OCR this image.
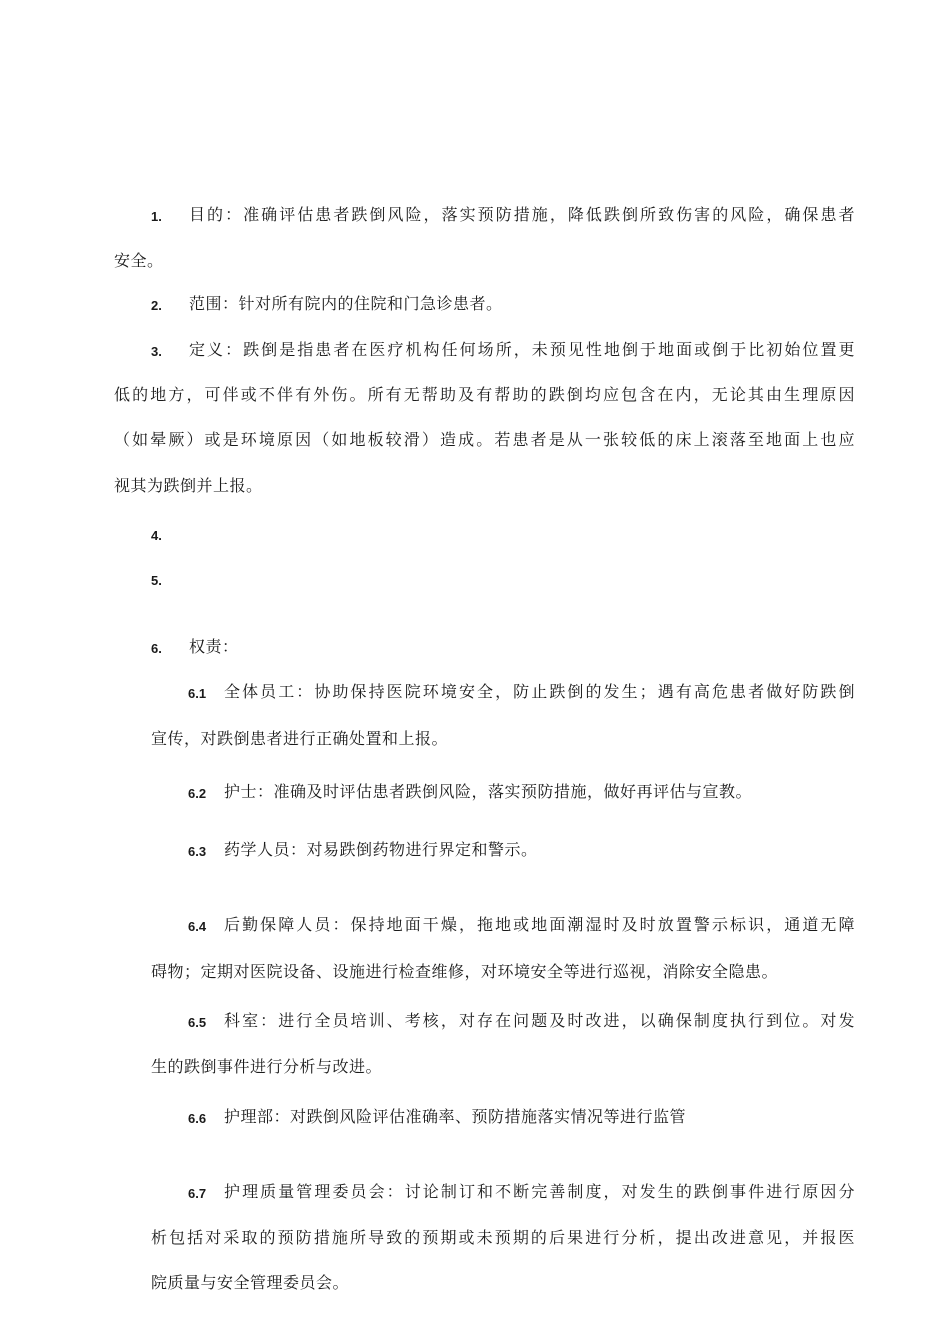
1. 目的：准确评估患者跌倒风险，落实预防措施，降低跌倒所致伤害的风险，确保患者
安全。
2. 范围：针对所有院内的住院和门急诊患者。
3. 定义：跌倒是指患者在医疗机构任何场所，未预见性地倒于地面或倒于比初始位置更
低的地方，可伴或不伴有外伤。所有无帮助及有帮助的跌倒均应包含在内，无论其由生理原因
（如晕厥）或是环境原因（如地板较滑）造成。若患者是从一张较低的床上滚落至地面上也应
视其为跌倒并上报。
4.
5.
6. 权责：
6.1 全体员工：协助保持医院环境安全，防止跌倒的发生；遇有高危患者做好防跌倒
宣传，对跌倒患者进行正确处置和上报。
6.2 护士：准确及时评估患者跌倒风险，落实预防措施，做好再评估与宣教。
6.3 药学人员：对易跌倒药物进行界定和警示。
6.4 后勤保障人员：保持地面干燥，拖地或地面潮湿时及时放置警示标识，通道无障
碍物；定期对医院设备、设施进行检查维修，对环境安全等进行巡视，消除安全隐患。
6.5 科室：进行全员培训、考核，对存在问题及时改进，以确保制度执行到位。对发
生的跌倒事件进行分析与改进。
6.6 护理部：对跌倒风险评估准确率、预防措施落实情况等进行监管
6.7 护理质量管理委员会：讨论制订和不断完善制度，对发生的跌倒事件进行原因分
析包括对采取的预防措施所导致的预期或未预期的后果进行分析，提出改进意见，并报医
院质量与安全管理委员会。
